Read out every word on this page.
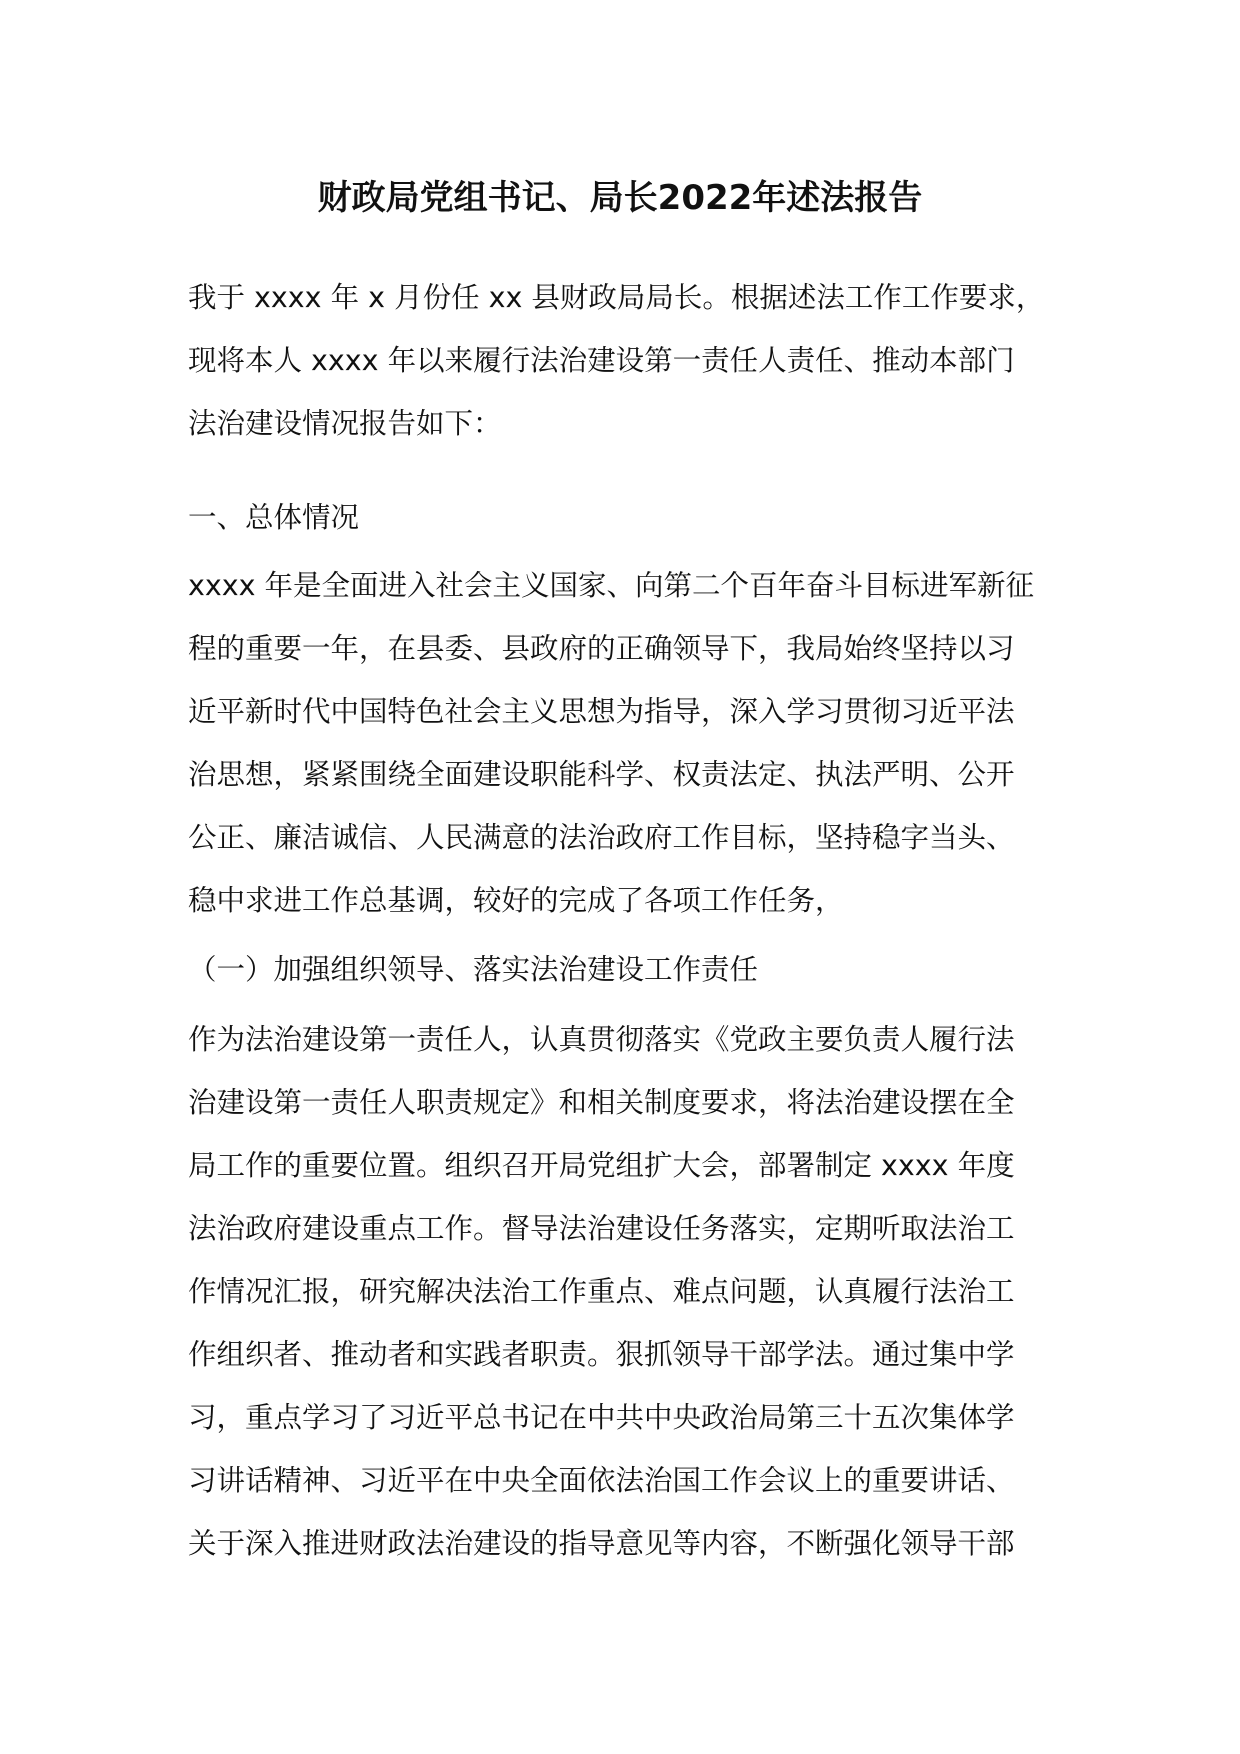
财政局党组书记、局长2022年述法报告
我于 xxxx 年 x 月份任 xx 县财政局局长。根据述法工作工作要求，
现将本人 xxxx 年以来履行法治建设第一责任人责任、推动本部门
法治建设情况报告如下：
一、总体情况
xxxx 年是全面进入社会主义国家、向第二个百年奋斗目标进军新征
程的重要一年，在县委、县政府的正确领导下，我局始终坚持以习
近平新时代中国特色社会主义思想为指导，深入学习贯彻习近平法
治思想，紧紧围绕全面建设职能科学、权责法定、执法严明、公开
公正、廉洁诚信、人民满意的法治政府工作目标，坚持稳字当头、
稳中求进工作总基调，较好的完成了各项工作任务，
（一）加强组织领导、落实法治建设工作责任
作为法治建设第一责任人，认真贯彻落实《党政主要负责人履行法
治建设第一责任人职责规定》和相关制度要求，将法治建设摆在全
局工作的重要位置。组织召开局党组扩大会，部署制定 xxxx 年度
法治政府建设重点工作。督导法治建设任务落实，定期听取法治工
作情况汇报，研究解决法治工作重点、难点问题，认真履行法治工
作组织者、推动者和实践者职责。狠抓领导干部学法。通过集中学
习，重点学习了习近平总书记在中共中央政治局第三十五次集体学
习讲话精神、习近平在中央全面依法治国工作会议上的重要讲话、
关于深入推进财政法治建设的指导意见等内容，不断强化领导干部
